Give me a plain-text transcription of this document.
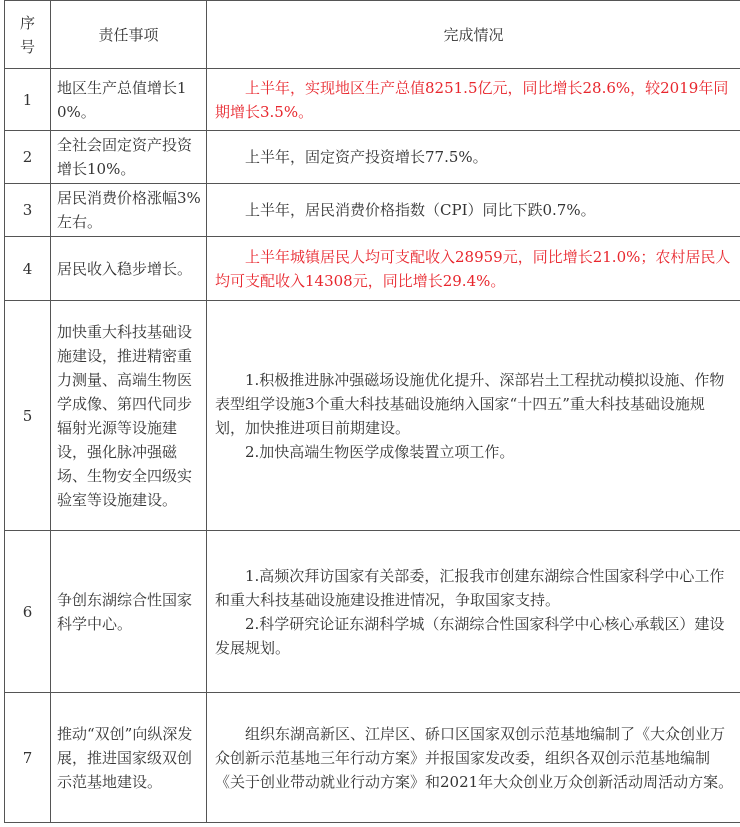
序号	责任事项	完成情况
1	地区生产总值增长10%。	上半年，实现地区生产总值8251.5亿元，同比增长28.6%，较2019年同期增长3.5%。

2	全社会固定资产投资增长10%。	上半年，固定资产投资增长77.5%。

3	居民消费价格涨幅3%左右。	上半年，居民消费价格指数（CPI）同比下跌0.7%。

4	居民收入稳步增长。	上半年城镇居民人均可支配收入28959元，同比增长21.0%；农村居民人均可支配收入14308元，同比增长29.4%。

5	加快重大科技基础设施建设，推进精密重力测量、高端生物医学成像、第四代同步辐射光源等设施建设，强化脉冲强磁场、生物安全四级实验室等设施建设。	1.积极推进脉冲强磁场设施优化提升、深部岩土工程扰动模拟设施、作物表型组学设施3个重大科技基础设施纳入国家“十四五”重大科技基础设施规划，加快推进项目前期建设。

2.加快高端生物医学成像装置立项工作。

6	争创东湖综合性国家科学中心。	1.高频次拜访国家有关部委，汇报我市创建东湖综合性国家科学中心工作和重大科技基础设施建设推进情况，争取国家支持。

2.科学研究论证东湖科学城（东湖综合性国家科学中心核心承载区）建设发展规划。

7	推动“双创”向纵深发展，推进国家级双创示范基地建设。	组织东湖高新区、江岸区、硚口区国家双创示范基地编制了《大众创业万众创新示范基地三年行动方案》并报国家发改委，组织各双创示范基地编制《关于创业带动就业行动方案》和2021年大众创业万众创新活动周活动方案。
